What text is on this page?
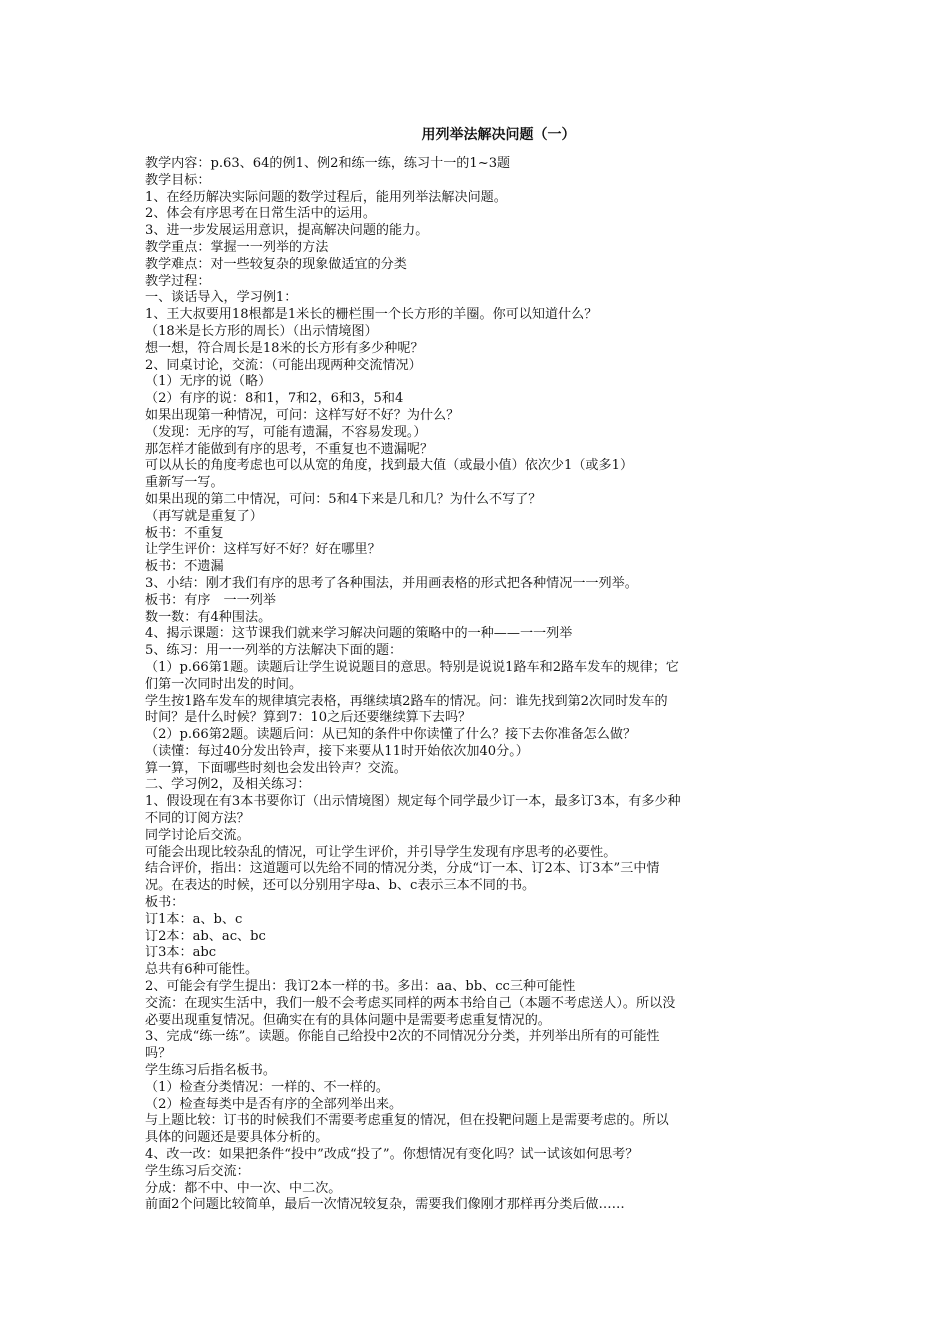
用列举法解决问题（一）
教学内容：p.63、64的例1、例2和练一练，练习十一的1~3题
教学目标：
1、在经历解决实际问题的数学过程后，能用列举法解决问题。
2、体会有序思考在日常生活中的运用。
3、进一步发展运用意识，提高解决问题的能力。
教学重点：掌握一一列举的方法
教学难点：对一些较复杂的现象做适宜的分类
教学过程：
一、谈话导入，学习例1：
1、王大叔要用18根都是1米长的栅栏围一个长方形的羊圈。你可以知道什么？
（18米是长方形的周长）（出示情境图）
想一想，符合周长是18米的长方形有多少种呢？
2、同桌讨论，交流：（可能出现两种交流情况）
（1）无序的说（略）
（2）有序的说：8和1，7和2，6和3，5和4
如果出现第一种情况，可问：这样写好不好？为什么？
（发现：无序的写，可能有遗漏，不容易发现。）
那怎样才能做到有序的思考，不重复也不遗漏呢？
可以从长的角度考虑也可以从宽的角度，找到最大值（或最小值）依次少1（或多1）
重新写一写。
如果出现的第二中情况，可问：5和4下来是几和几？为什么不写了？
（再写就是重复了）
板书：不重复
让学生评价：这样写好不好？好在哪里？
板书：不遗漏
3、小结：刚才我们有序的思考了各种围法，并用画表格的形式把各种情况一一列举。
板书：有序　一一列举
数一数：有4种围法。
4、揭示课题：这节课我们就来学习解决问题的策略中的一种——一一列举
5、练习：用一一列举的方法解决下面的题：
（1）p.66第1题。读题后让学生说说题目的意思。特别是说说1路车和2路车发车的规律；它
们第一次同时出发的时间。
学生按1路车发车的规律填完表格，再继续填2路车的情况。问：谁先找到第2次同时发车的
时间？是什么时候？算到7：10之后还要继续算下去吗？
（2）p.66第2题。读题后问：从已知的条件中你读懂了什么？接下去你准备怎么做？
（读懂：每过40分发出铃声，接下来要从11时开始依次加40分。）
算一算，下面哪些时刻也会发出铃声？交流。
二、学习例2，及相关练习：
1、假设现在有3本书要你订（出示情境图）规定每个同学最少订一本，最多订3本，有多少种
不同的订阅方法？
同学讨论后交流。
可能会出现比较杂乱的情况，可让学生评价，并引导学生发现有序思考的必要性。
结合评价，指出：这道题可以先给不同的情况分类，分成“订一本、订2本、订3本”三中情
况。在表达的时候，还可以分别用字母a、b、c表示三本不同的书。
板书：
订1本：a、b、c
订2本：ab、ac、bc
订3本：abc
总共有6种可能性。
2、可能会有学生提出：我订2本一样的书。多出：aa、bb、cc三种可能性
交流：在现实生活中，我们一般不会考虑买同样的两本书给自己（本题不考虑送人）。所以没
必要出现重复情况。但确实在有的具体问题中是需要考虑重复情况的。
3、完成“练一练”。读题。你能自己给投中2次的不同情况分分类，并列举出所有的可能性
吗？
学生练习后指名板书。
（1）检查分类情况：一样的、不一样的。
（2）检查每类中是否有序的全部列举出来。
与上题比较：订书的时候我们不需要考虑重复的情况，但在投靶问题上是需要考虑的。所以
具体的问题还是要具体分析的。
4、改一改：如果把条件“投中”改成“投了”。你想情况有变化吗？试一试该如何思考？
学生练习后交流：
分成：都不中、中一次、中二次。
前面2个问题比较简单，最后一次情况较复杂，需要我们像刚才那样再分类后做……
